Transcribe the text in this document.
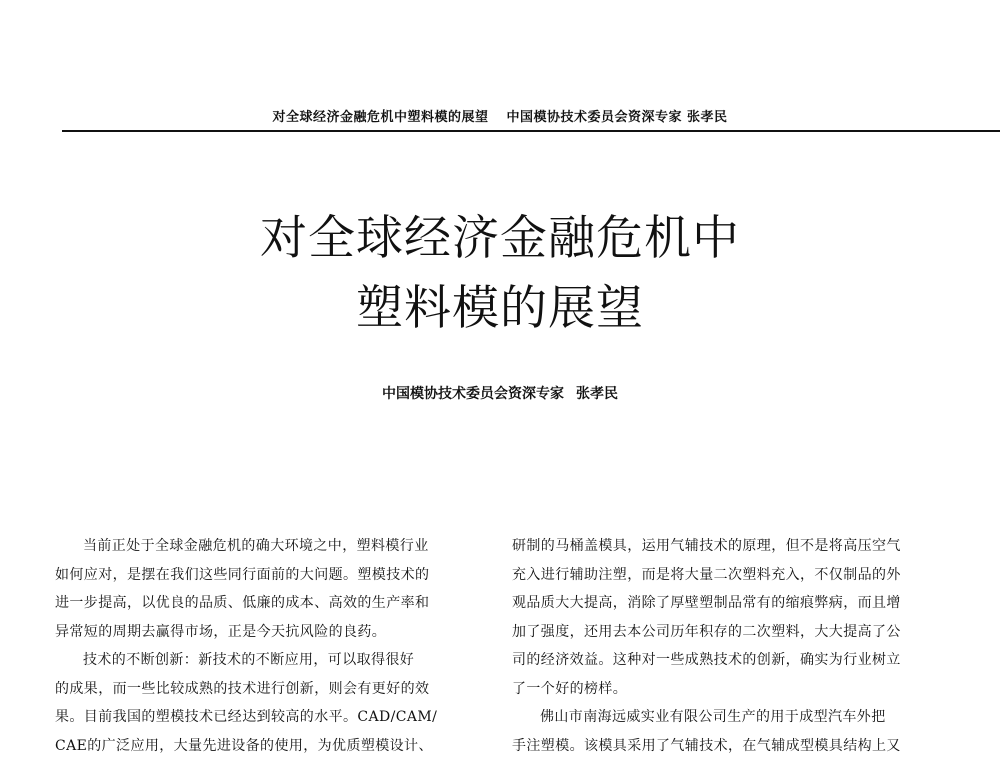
对全球经济金融危机中塑料模的展望 中国模协技术委员会资深专家 张孝民
对全球经济金融危机中
塑料模的展望
中国模协技术委员会资深专家 张孝民
当前正处于全球金融危机的确大环境之中，塑料模行业
如何应对，是摆在我们这些同行面前的大问题。塑模技术的
进一步提高，以优良的品质、低廉的成本、高效的生产率和
异常短的周期去赢得市场，正是今天抗风险的良药。
技术的不断创新：新技术的不断应用，可以取得很好
的成果，而一些比较成熟的技术进行创新，则会有更好的效
果。目前我国的塑模技术已经达到较高的水平。CAD/CAM/
CAE的广泛应用，大量先进设备的使用，为优质塑模设计、
研制的马桶盖模具，运用气辅技术的原理，但不是将高压空气
充入进行辅助注塑，而是将大量二次塑料充入，不仅制品的外
观品质大大提高，消除了厚壁塑制品常有的缩痕弊病，而且增
加了强度，还用去本公司历年积存的二次塑料，大大提高了公
司的经济效益。这种对一些成熟技术的创新，确实为行业树立
了一个好的榜样。
佛山市南海远威实业有限公司生产的用于成型汽车外把
手注塑模。该模具采用了气辅技术，在气辅成型模具结构上又
